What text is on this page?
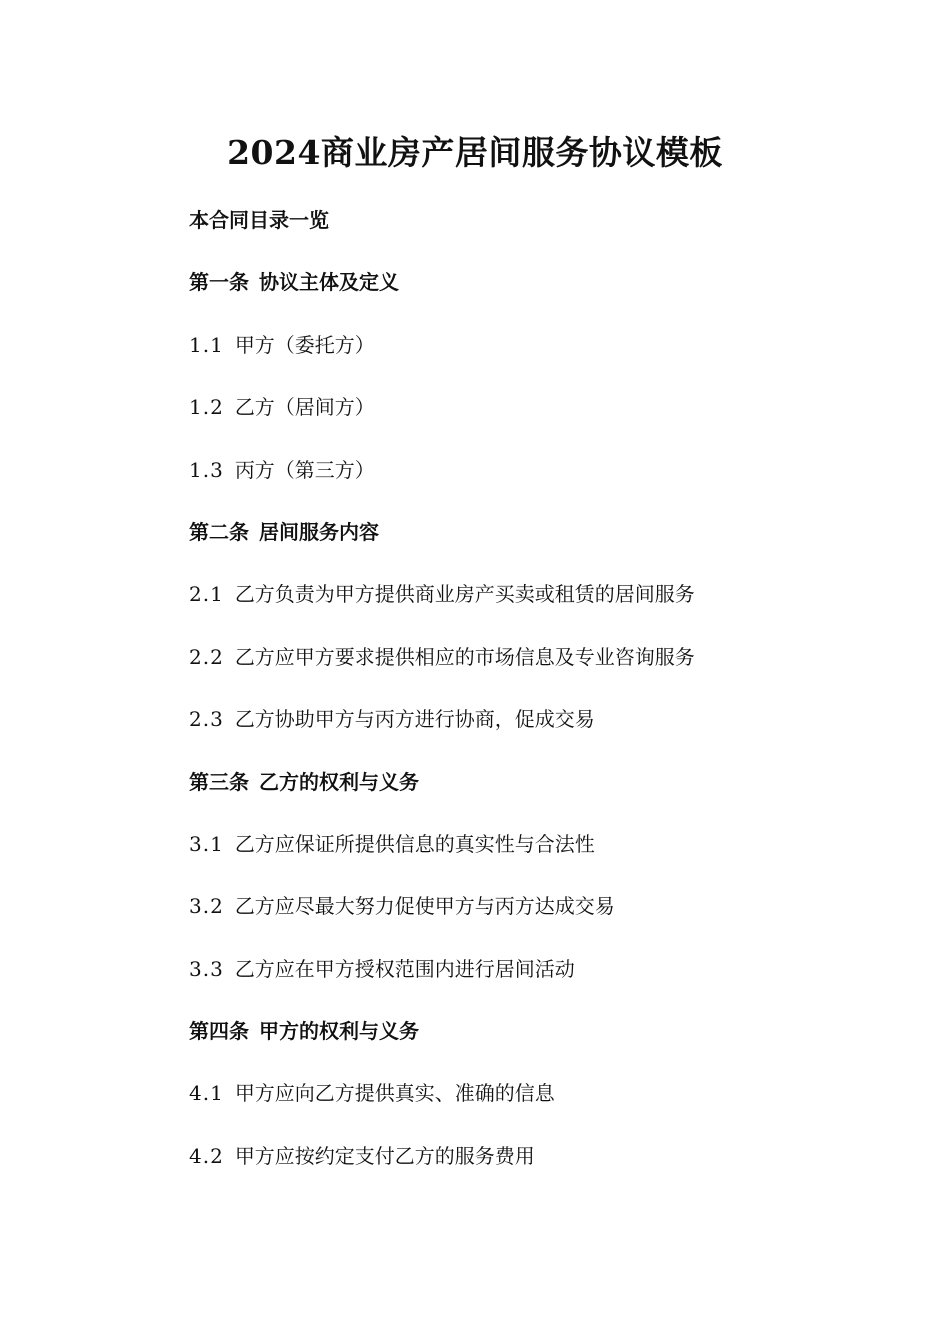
2024商业房产居间服务协议模板
本合同目录一览
第一条 协议主体及定义
1.1 甲方（委托方）
1.2 乙方（居间方）
1.3 丙方（第三方）
第二条 居间服务内容
2.1 乙方负责为甲方提供商业房产买卖或租赁的居间服务
2.2 乙方应甲方要求提供相应的市场信息及专业咨询服务
2.3 乙方协助甲方与丙方进行协商，促成交易
第三条 乙方的权利与义务
3.1 乙方应保证所提供信息的真实性与合法性
3.2 乙方应尽最大努力促使甲方与丙方达成交易
3.3 乙方应在甲方授权范围内进行居间活动
第四条 甲方的权利与义务
4.1 甲方应向乙方提供真实、准确的信息
4.2 甲方应按约定支付乙方的服务费用
